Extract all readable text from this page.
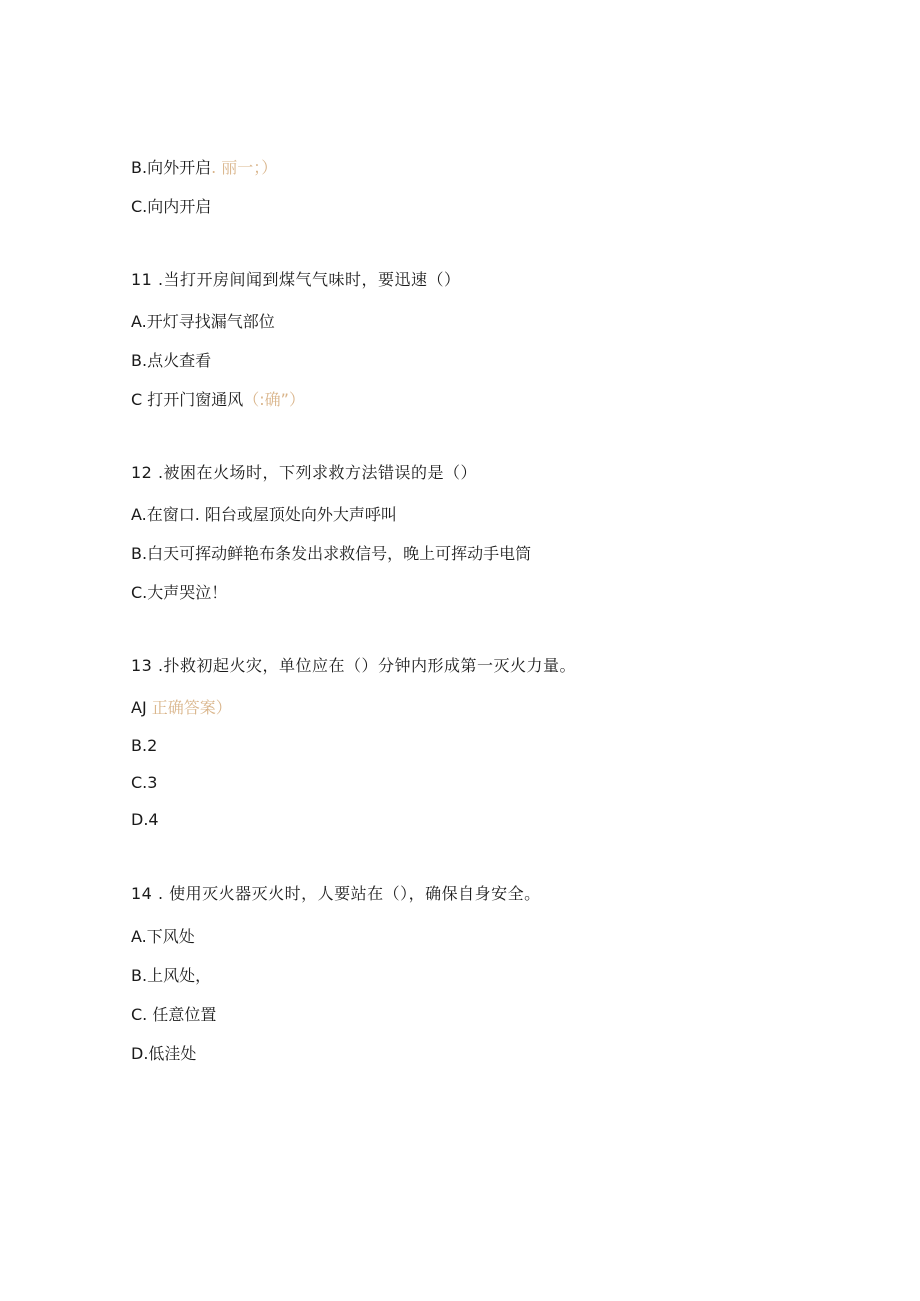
B.向外开启. 丽一；）
C.向内开启
11 .当打开房间闻到煤气气味时，要迅速（）
A.开灯寻找漏气部位
B.点火查看
C 打开门窗通风（:确”）
12 .被困在火场时，下列求救方法错误的是（）
A.在窗口. 阳台或屋顶处向外大声呼叫
B.白天可挥动鲜艳布条发出求救信号，晚上可挥动手电筒
C.大声哭泣！
13 .扑救初起火灾，单位应在（）分钟内形成第一灭火力量。
AJ 正确答案）
B.2
C.3
D.4
14 . 使用灭火器灭火时，人要站在（），确保自身安全。
A.下风处
B.上风处，
C. 任意位置
D.低洼处
